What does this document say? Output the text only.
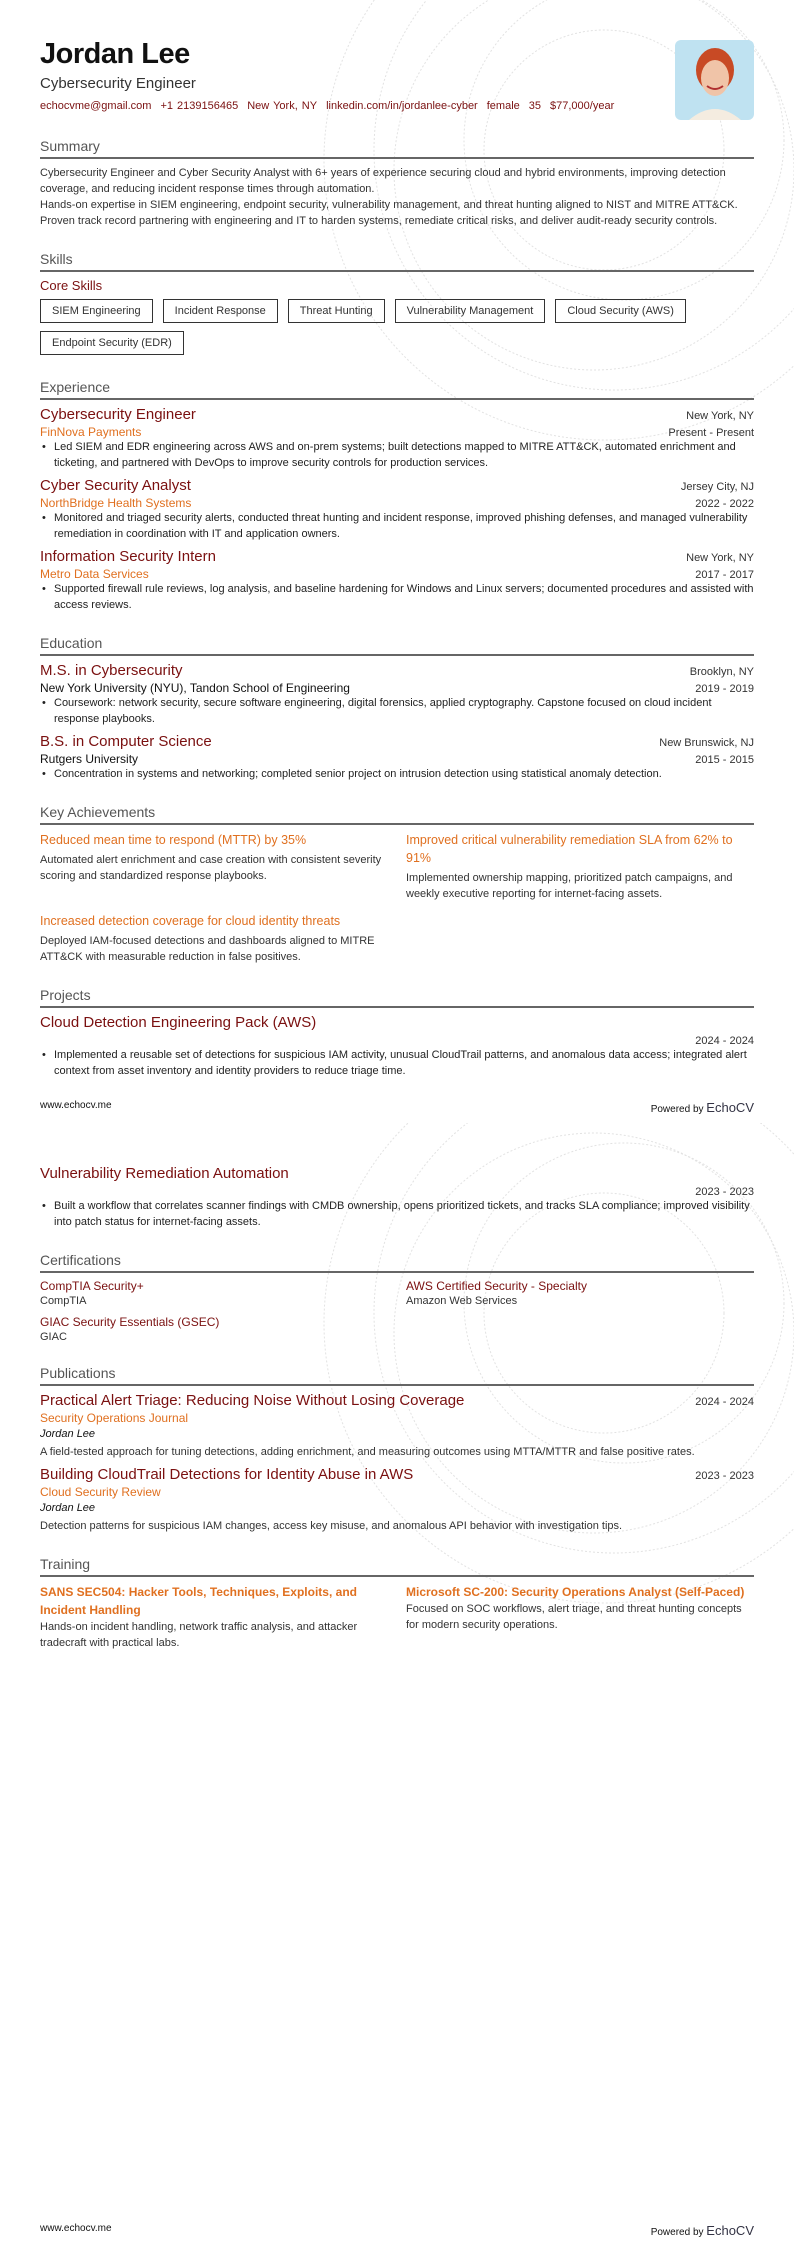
Jordan Lee
Cybersecurity Engineer
echocvme@gmail.com +1 2139156465 New York, NY linkedin.com/in/jordanlee-cyber female 35 $77,000/year
Summary

Cybersecurity Engineer and Cyber Security Analyst with 6+ years of experience securing cloud and hybrid environments, improving detection coverage, and reducing incident response times through automation.

Hands-on expertise in SIEM engineering, endpoint security, vulnerability management, and threat hunting aligned to NIST and MITRE ATT&CK.

Proven track record partnering with engineering and IT to harden systems, remediate critical risks, and deliver audit-ready security controls.

Skills
Core Skills
SIEM Engineering	Incident Response	Threat Hunting	Vulnerability Management	Cloud Security (AWS)
Endpoint Security (EDR)
Experience
Cybersecurity Engineer	New York, NY
FinNova Payments	Present - Present
• Led SIEM and EDR engineering across AWS and on-prem systems; built detections mapped to MITRE ATT&CK, automated enrichment and ticketing, and partnered with DevOps to improve security controls for production services.
Cyber Security Analyst	Jersey City, NJ
NorthBridge Health Systems	2022 - 2022
• Monitored and triaged security alerts, conducted threat hunting and incident response, improved phishing defenses, and managed vulnerability remediation in coordination with IT and application owners.
Information Security Intern	New York, NY
Metro Data Services	2017 - 2017
• Supported firewall rule reviews, log analysis, and baseline hardening for Windows and Linux servers; documented procedures and assisted with access reviews.
Education
M.S. in Cybersecurity	Brooklyn, NY
New York University (NYU), Tandon School of Engineering	2019 - 2019
• Coursework: network security, secure software engineering, digital forensics, applied cryptography. Capstone focused on cloud incident response playbooks.
B.S. in Computer Science	New Brunswick, NJ
Rutgers University	2015 - 2015
• Concentration in systems and networking; completed senior project on intrusion detection using statistical anomaly detection.
Key Achievements
Reduced mean time to respond (MTTR) by 35%
Automated alert enrichment and case creation with consistent severity scoring and standardized response playbooks.
Improved critical vulnerability remediation SLA from 62% to 91%
Implemented ownership mapping, prioritized patch campaigns, and weekly executive reporting for internet-facing assets.
Increased detection coverage for cloud identity threats
Deployed IAM-focused detections and dashboards aligned to MITRE ATT&CK with measurable reduction in false positives.
Projects
Cloud Detection Engineering Pack (AWS)
2024 - 2024
• Implemented a reusable set of detections for suspicious IAM activity, unusual CloudTrail patterns, and anomalous data access; integrated alert context from asset inventory and identity providers to reduce triage time.
www.echocv.me	Powered by EchoCV
Vulnerability Remediation Automation
2023 - 2023
• Built a workflow that correlates scanner findings with CMDB ownership, opens prioritized tickets, and tracks SLA compliance; improved visibility into patch status for internet-facing assets.
Certifications
CompTIA Security+
CompTIA
AWS Certified Security - Specialty
Amazon Web Services
GIAC Security Essentials (GSEC)
GIAC
Publications
Practical Alert Triage: Reducing Noise Without Losing Coverage	2024 - 2024
Security Operations Journal
Jordan Lee
A field-tested approach for tuning detections, adding enrichment, and measuring outcomes using MTTA/MTTR and false positive rates.
Building CloudTrail Detections for Identity Abuse in AWS	2023 - 2023
Cloud Security Review
Jordan Lee
Detection patterns for suspicious IAM changes, access key misuse, and anomalous API behavior with investigation tips.
Training
SANS SEC504: Hacker Tools, Techniques, Exploits, and Incident Handling
Hands-on incident handling, network traffic analysis, and attacker tradecraft with practical labs.
Microsoft SC-200: Security Operations Analyst (Self-Paced)
Focused on SOC workflows, alert triage, and threat hunting concepts for modern security operations.
www.echocv.me	Powered by EchoCV
